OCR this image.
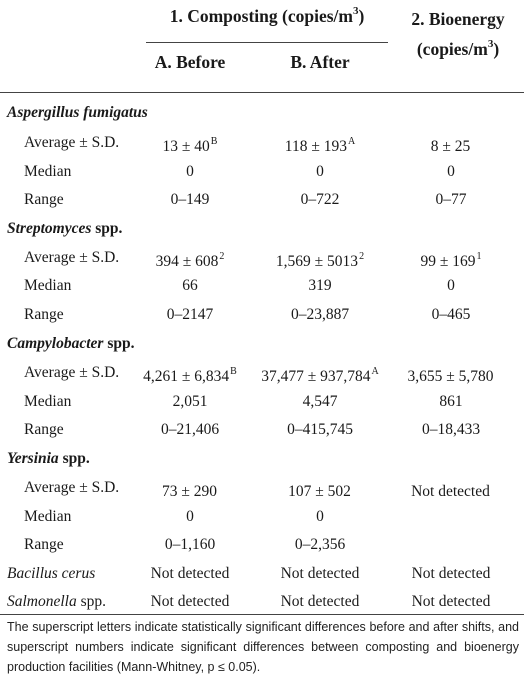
1. Composting $(copies/m^3)$	2. Bioenergy
$(copies/m^3)$
A. Before	B. After
Aspergillus fumigatus
Average ± S.D.	$13 \pm 40^B$	$118 \pm 193^A$	8 ± 25
Median	0	0	0
Range	0–149	0–722	0–77
Streptomyces spp.
Average ± S.D.	$394 \pm 608^2$	$1,569 \pm 5013^2$	$99 \pm 169^1$
Median	66	319	0
Range	0–2147	0–23,887	0–465
Campylobacter spp.
Average ± S.D.	$4,261 \pm 6,834^B$	$37,477 \pm 937,784^A$	3,655 ± 5,780
Median	2,051	4,547	861
Range	0–21,406	0–415,745	0–18,433
Yersinia spp.
Average ± S.D.	73 ± 290	107 ± 502	Not detected
Median	0	0
Range	0–1,160	0–2,356
Bacillus cerus	Not detected	Not detected	Not detected
Salmonella spp.	Not detected	Not detected	Not detected
The superscript letters indicate statistically significant differences before and after shifts, and superscript numbers indicate significant differences between composting and bioenergy production facilities (Mann-Whitney, p ≤ 0.05).
